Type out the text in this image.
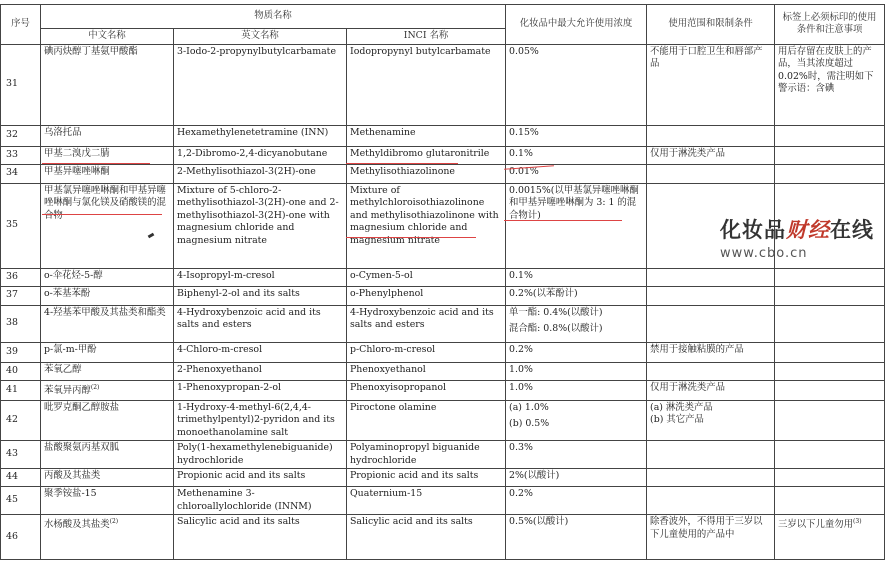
序号	物质名称			化妆品中最大允许使用浓度	使用范围和限制条件	标签上必须标印的使用条件和注意事项
	中文名称	英文名称	INCI 名称			

31	碘丙炔醇丁基氨甲酸酯	3-Iodo-2-propynylbutylcarbamate	Iodopropynyl butylcarbamate	0.05%	不能用于口腔卫生和唇部产品	用后存留在皮肤上的产品，当其浓度超过 0.02%时，需注明如下警示语：含碘

32	乌洛托品	Hexamethylenetetramine (INN)	Methenamine	0.15%		

33	甲基二溴戊二腈	1,2-Dibromo-2,4-dicyanobutane	Methyldibromo glutaronitrile	0.1%	仅用于淋洗类产品	

34	甲基异噻唑啉酮	2-Methylisothiazol-3(2H)-one	Methylisothiazolinone	0.01%		

35	甲基氯异噻唑啉酮和甲基异噻唑啉酮与氯化镁及硝酸镁的混合物	Mixture of 5-chloro-2-methylisothiazol-3(2H)-one and 2-methylisothiazol-3(2H)-one with magnesium chloride and magnesium nitrate	Mixture of methylchloroisothiazolinone and methylisothiazolinone with magnesium chloride and magnesium nitrate	0.0015%(以甲基氯异噻唑啉酮和甲基异噻唑啉酮为 3: 1 的混合物计)		

36	o-伞花烃-5-醇	4-Isopropyl-m-cresol	o-Cymen-5-ol	0.1%		

37	o-苯基苯酚	Biphenyl-2-ol and its salts	o-Phenylphenol	0.2%(以苯酚计)		

38	4-羟基苯甲酸及其盐类和酯类	4-Hydroxybenzoic acid and its salts and esters	4-Hydroxybenzoic acid and its salts and esters	单一酯: 0.4%(以酸计)
混合酯: 0.8%(以酸计)		

39	p-氯-m-甲酚	4-Chloro-m-cresol	p-Chloro-m-cresol	0.2%	禁用于接触粘膜的产品	

40	苯氧乙醇	2-Phenoxyethanol	Phenoxyethanol	1.0%		

41	苯氧异丙醇$^{(2)}$	1-Phenoxypropan-2-ol	Phenoxyisopropanol	1.0%	仅用于淋洗类产品	

42	吡罗克酮乙醇胺盐	1-Hydroxy-4-methyl-6(2,4,4-trimethylpentyl)2-pyridon and its monoethanolamine salt	Piroctone olamine	(a) 1.0%
(b) 0.5%	(a) 淋洗类产品
(b) 其它产品	

43	盐酸聚氨丙基双胍	Poly(1-hexamethylenebiguanide) hydrochloride	Polyaminopropyl biguanide hydrochloride	0.3%		

44	丙酸及其盐类	Propionic acid and its salts	Propionic acid and its salts	2%(以酸计)		

45	聚季铵盐-15	Methenamine 3-chloroallylochloride (INNM)	Quaternium-15	0.2%		

46	水杨酸及其盐类$^{(2)}$	Salicylic acid and its salts	Salicylic acid and its salts	0.5%(以酸计)	除香波外，不得用于三岁以下儿童使用的产品中	三岁以下儿童勿用$^{(3)}$
化妆品财经在线
www.cbo.cn
